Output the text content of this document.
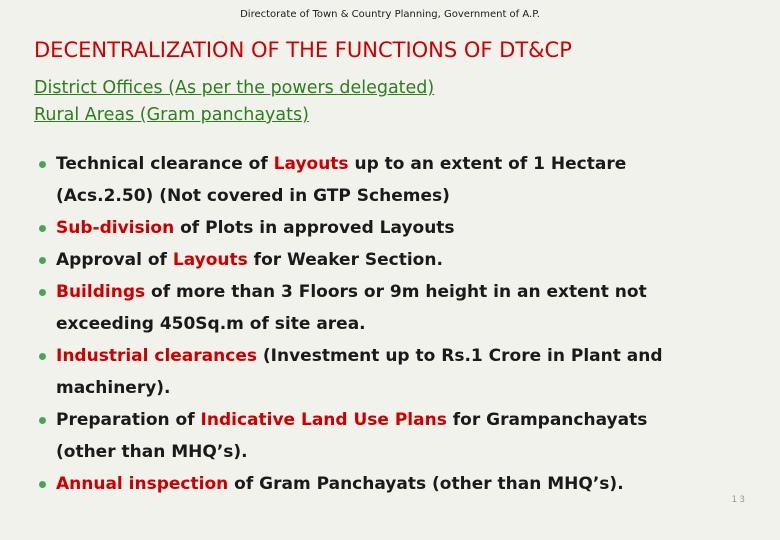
Directorate of Town & Country Planning, Government of A.P.
DECENTRALIZATION OF THE FUNCTIONS OF DT&CP
District Offices (As per the powers delegated)
Rural Areas (Gram panchayats)
Technical clearance of Layouts up to an extent of 1 Hectare
(Acs.2.50) (Not covered in GTP Schemes)
Sub-division of Plots in approved Layouts
Approval of Layouts for Weaker Section.
Buildings of more than 3 Floors or 9m height in an extent not
exceeding 450Sq.m of site area.
Industrial clearances (Investment up to Rs.1 Crore in Plant and
machinery).
Preparation of Indicative Land Use Plans for Grampanchayats
(other than MHQ’s).
Annual inspection of Gram Panchayats (other than MHQ’s).
13
